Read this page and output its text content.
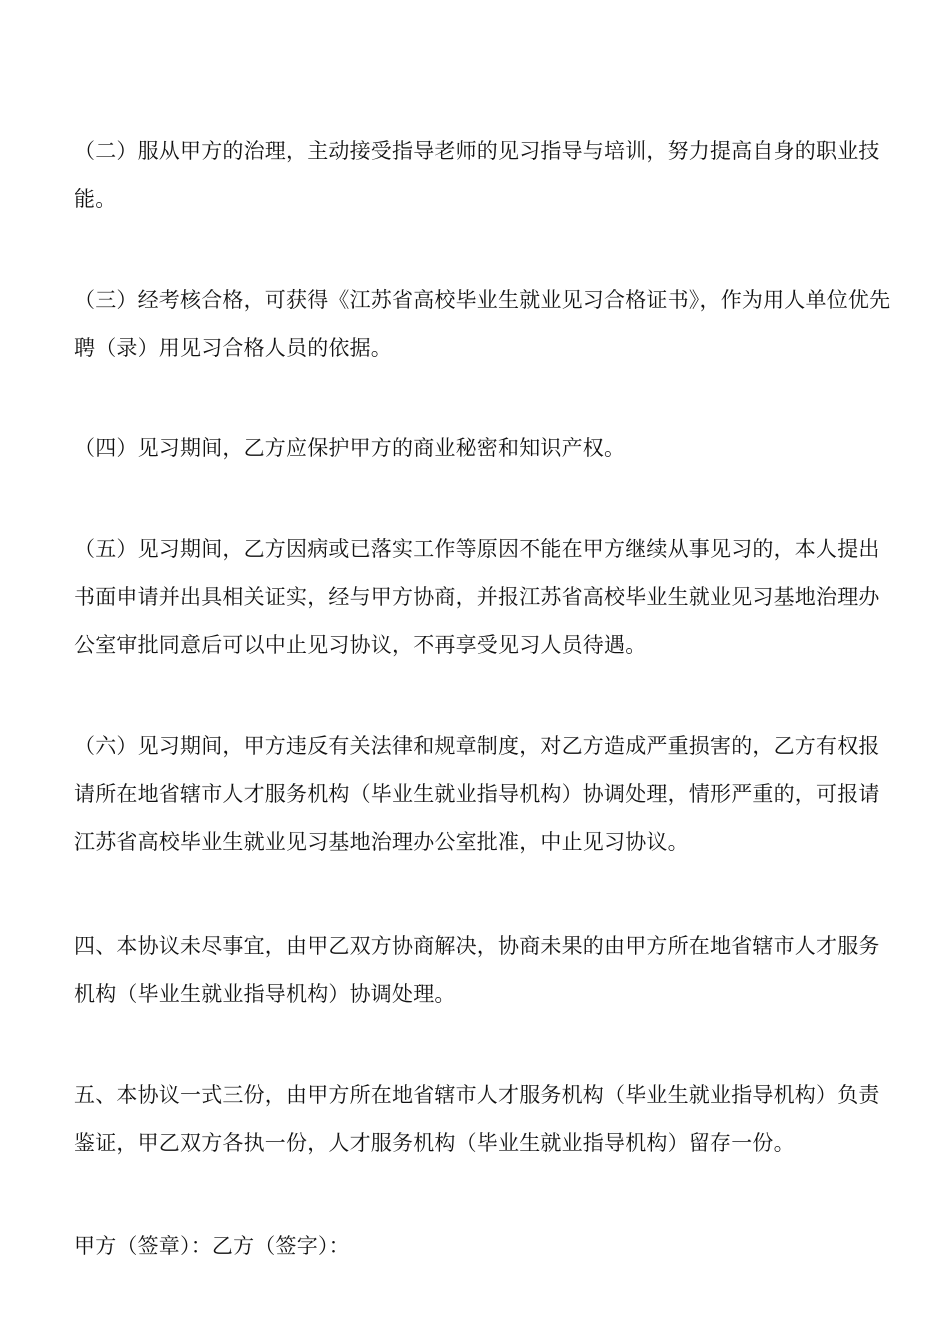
（二）服从甲方的治理，主动接受指导老师的见习指导与培训，努力提高自身的职业技能。

（三）经考核合格，可获得《江苏省高校毕业生就业见习合格证书》，作为用人单位优先聘（录）用见习合格人员的依据。

（四）见习期间，乙方应保护甲方的商业秘密和知识产权。

（五）见习期间，乙方因病或已落实工作等原因不能在甲方继续从事见习的，本人提出书面申请并出具相关证实，经与甲方协商，并报江苏省高校毕业生就业见习基地治理办公室审批同意后可以中止见习协议，不再享受见习人员待遇。

（六）见习期间，甲方违反有关法律和规章制度，对乙方造成严重损害的，乙方有权报请所在地省辖市人才服务机构（毕业生就业指导机构）协调处理，情形严重的，可报请江苏省高校毕业生就业见习基地治理办公室批准，中止见习协议。

四、本协议未尽事宜，由甲乙双方协商解决，协商未果的由甲方所在地省辖市人才服务机构（毕业生就业指导机构）协调处理。

五、本协议一式三份，由甲方所在地省辖市人才服务机构（毕业生就业指导机构）负责鉴证，甲乙双方各执一份，人才服务机构（毕业生就业指导机构）留存一份。

甲方（签章）：乙方（签字）：
